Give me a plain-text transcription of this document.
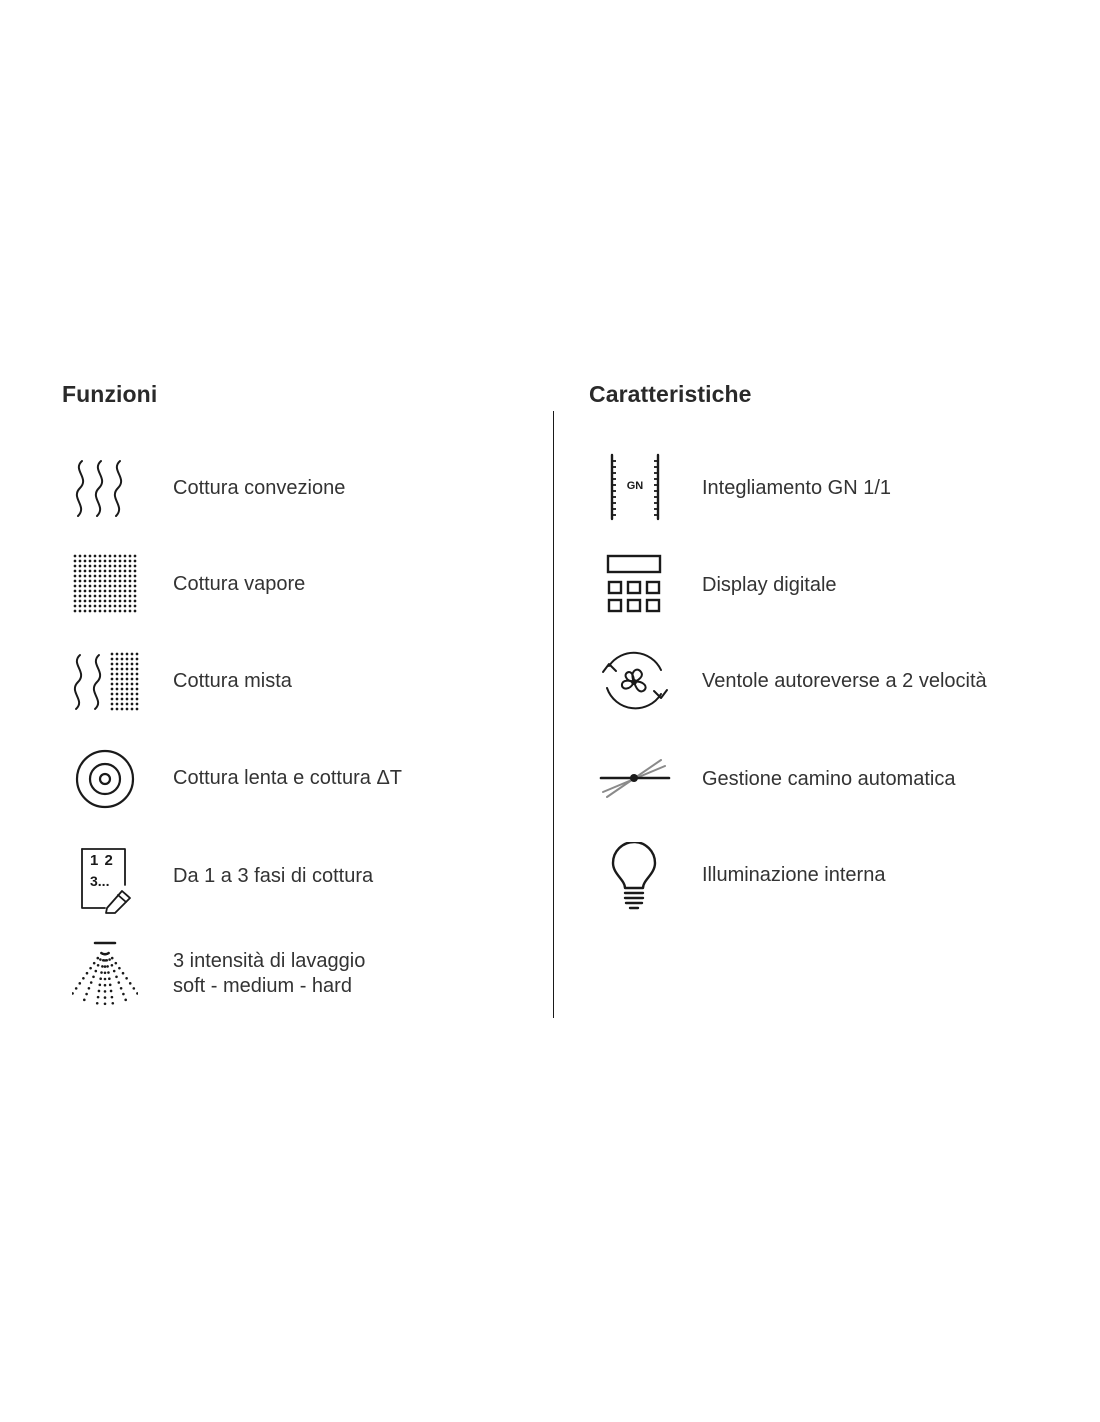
Funzioni	Caratteristiche
Cottura convezione
Cottura vapore
Cottura mista
Cottura lenta e cottura ΔT
1 2
3...	Da 1 a 3 fasi di cottura
3 intensità di lavaggio
soft - medium - hard
GN	Integliamento GN 1/1
Display digitale
Ventole autoreverse a 2 velocità
Gestione camino automatica
Illuminazione interna
